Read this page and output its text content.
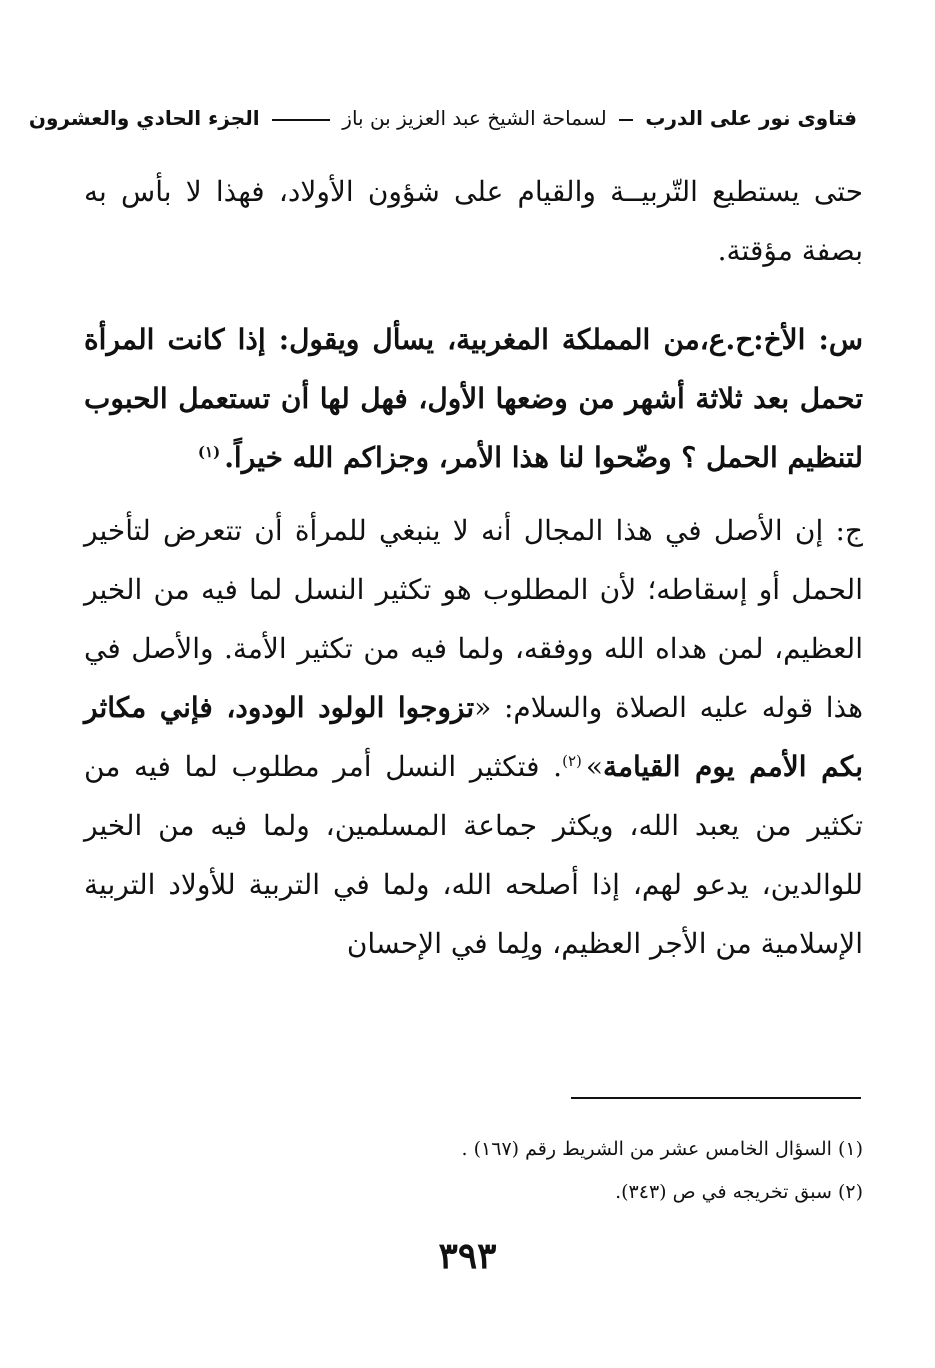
فتاوى نور على الدرب  لسماحة الشيخ عبد العزيز بن باز  الجزء الحادي والعشرون

حتى يستطيع التّربيــة والقيام على شؤون الأولاد، فهذا لا بأس به بصفة مؤقتة.

س: الأخ:ح.ع،من المملكة المغربية، يسأل ويقول: إذا كانت المرأة تحمل بعد ثلاثة أشهر من وضعها الأول، فهل لها أن تستعمل الحبوب لتنظيم الحمل ؟ وضّحوا لنا هذا الأمر، وجزاكم الله خيراً.$^{(١)}$

ج: إن الأصل في هذا المجال أنه لا ينبغي للمرأة أن تتعرض لتأخير الحمل أو إسقاطه؛ لأن المطلوب هو تكثير النسل لما فيه من الخير العظيم، لمن هداه الله ووفقه، ولما فيه من تكثير الأمة. والأصل في هذا قوله عليه الصلاة والسلام: «تزوجوا الولود الودود، فإني مكاثر بكم الأمم يوم القيامة»$^{(٢)}$. فتكثير النسل أمر مطلوب لما فيه من تكثير من يعبد الله، ويكثر جماعة المسلمين، ولما فيه من الخير للوالدين، يدعو لهم، إذا أصلحه الله، ولما في التربية للأولاد التربية الإسلامية من الأجر العظيم، ولِما في الإحسان

(١) السؤال الخامس عشر من الشريط رقم (١٦٧) .

(٢) سبق تخريجه في ص (٣٤٣).

٣٩٣
